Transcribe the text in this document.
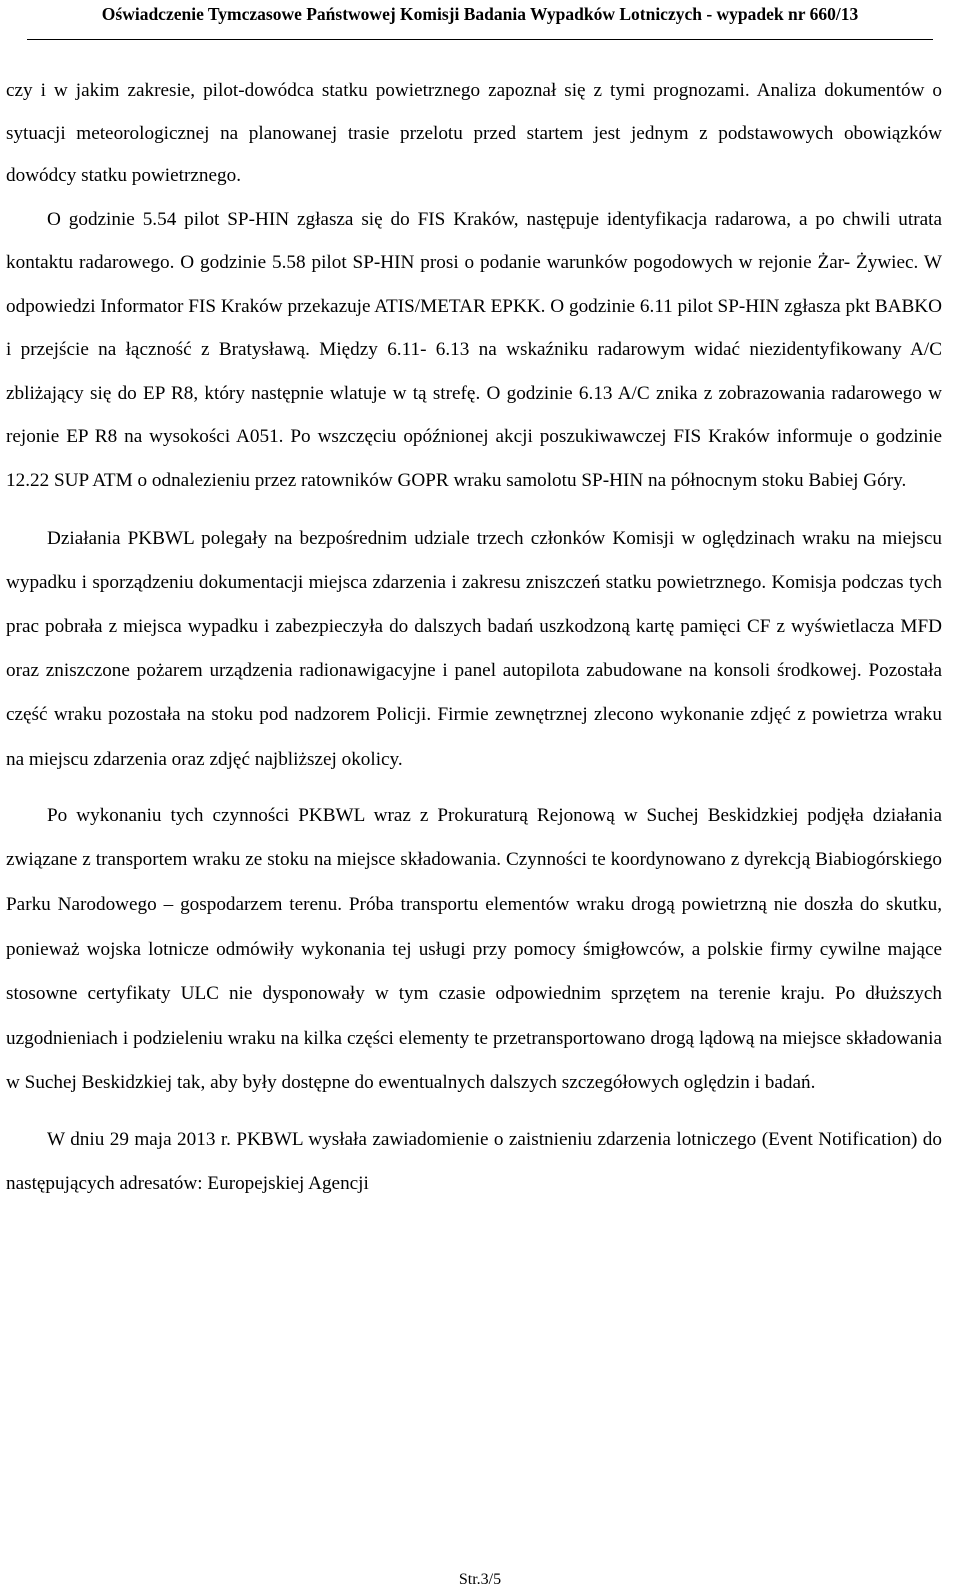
Oświadczenie Tymczasowe Państwowej Komisji Badania Wypadków Lotniczych - wypadek nr 660/13

czy i w jakim zakresie, pilot-dowódca statku powietrznego zapoznał się z tymi prognozami. Analiza dokumentów o sytuacji meteorologicznej na planowanej trasie przelotu przed startem jest jednym z podstawowych obowiązków dowódcy statku powietrznego.

O godzinie 5.54 pilot SP-HIN zgłasza się do FIS Kraków, następuje identyfikacja radarowa, a po chwili utrata kontaktu radarowego. O godzinie 5.58 pilot SP-HIN prosi o podanie warunków pogodowych w rejonie Żar- Żywiec. W odpowiedzi Informator FIS Kraków przekazuje ATIS/METAR EPKK. O godzinie 6.11 pilot SP-HIN zgłasza pkt BABKO i przejście na łączność z Bratysławą. Między 6.11- 6.13 na wskaźniku radarowym widać niezidentyfikowany A/C zbliżający się do EP R8, który następnie wlatuje w tą strefę. O godzinie 6.13 A/C znika z zobrazowania radarowego w rejonie EP R8 na wysokości A051. Po wszczęciu opóźnionej akcji poszukiwawczej FIS Kraków informuje o godzinie 12.22 SUP ATM o odnalezieniu przez ratowników GOPR wraku samolotu SP-HIN na północnym stoku Babiej Góry.

Działania PKBWL polegały na bezpośrednim udziale trzech członków Komisji w oględzinach wraku na miejscu wypadku i sporządzeniu dokumentacji miejsca zdarzenia i zakresu zniszczeń statku powietrznego. Komisja podczas tych prac pobrała z miejsca wypadku i zabezpieczyła do dalszych badań uszkodzoną kartę pamięci CF z wyświetlacza MFD oraz zniszczone pożarem urządzenia radionawigacyjne i panel autopilota zabudowane na konsoli środkowej. Pozostała część wraku pozostała na stoku pod nadzorem Policji. Firmie zewnętrznej zlecono wykonanie zdjęć z powietrza wraku na miejscu zdarzenia oraz zdjęć najbliższej okolicy.

Po wykonaniu tych czynności PKBWL wraz z Prokuraturą Rejonową w Suchej Beskidzkiej podjęła działania związane z transportem wraku ze stoku na miejsce składowania. Czynności te koordynowano z dyrekcją Biabiogórskiego Parku Narodowego – gospodarzem terenu. Próba transportu elementów wraku drogą powietrzną nie doszła do skutku, ponieważ wojska lotnicze odmówiły wykonania tej usługi przy pomocy śmigłowców, a polskie firmy cywilne mające stosowne certyfikaty ULC nie dysponowały w tym czasie odpowiednim sprzętem na terenie kraju. Po dłuższych uzgodnieniach i podzieleniu wraku na kilka części elementy te przetransportowano drogą lądową na miejsce składowania w Suchej Beskidzkiej tak, aby były dostępne do ewentualnych dalszych szczegółowych oględzin i badań.

W dniu 29 maja 2013 r. PKBWL wysłała zawiadomienie o zaistnieniu zdarzenia lotniczego (Event Notification) do następujących adresatów: Europejskiej Agencji

Str.3/5
